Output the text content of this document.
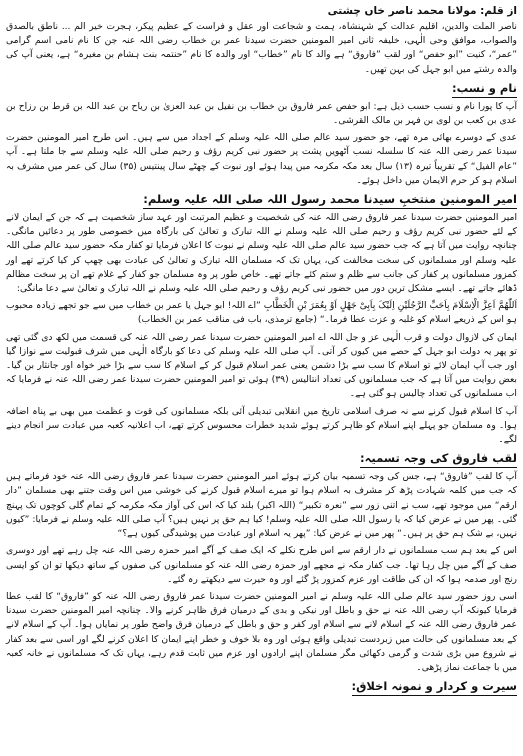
از قلم: مولانا محمد ناصر خاں چشتی

ناصر الملت والدین، اقلیم عدالت کے شہنشاہ، ہمت و شجاعت اور عقل و فراست کے عظیم پیکر، ہجرت خیر الم ... ناطق بالصدق والصواب، موافق وحی الٰہی، خلیفہ ثانی امیر المومنین حضرت سیدنا عمر بن خطاب رضی اللہ عنہ جن کا نام نامی اسم گرامی ”عمر“، کنیت ”ابو حفص“ اور لقب ”فاروق“ ہے والد کا نام ”خطاب“ اور والدہ کا نام ”حنتمہ بنت ہشام بن مغیرہ“ ہے، یعنی آپ کی والدہ رشتے میں ابو جہل کی بہن تھیں۔

نام و نسب:

آپ کا پورا نام و نسب حسب ذیل ہے: ابو حفص عمر فاروق بن خطاب بن نفیل بن عبد العزیٰ بن ریاح بن عبد اللہ بن قرط بن رزاح بن عدی بن کعب بن لوی بن فہر بن مالک القرشی۔

عدی کے دوسرے بھائی مرہ تھے، جو حضور سید عالم صلی اللہ علیہ وسلم کے اجداد میں سے ہیں۔ اس طرح امیر المومنین حضرت سیدنا عمر رضی اللہ عنہ کا سلسلہ نسب آٹھویں پشت پر حضور نبی کریم رؤف و رحیم صلی اللہ علیہ وسلم سے جا ملتا ہے۔ آپ ”عام الفیل“ کے تقریباً تیرہ (۱۳) سال بعد مکہ مکرمہ میں پیدا ہوئے اور نبوت کے چھٹے سال پینتیس (۳۵) سال کی عمر میں مشرف بہ اسلام ہو کر حرم الایمان میں داخل ہوئے۔

امیر المومنین منتخبِ سیدنا محمد رسول اللہ صلی اللہ علیہ وسلم:

امیر المومنین حضرت سیدنا عمر فاروق رضی اللہ عنہ کی شخصیت و عظیم المرتبت اور عہد ساز شخصیت ہے کہ جن کے ایمان لانے کے لئے حضور نبی کریم رؤف و رحیم صلی اللہ علیہ وسلم نے اللہ تبارک و تعالیٰ کی بارگاہ میں خصوصی طور پر دعائیں مانگی۔ چنانچہ روایت میں آتا ہے کہ جب حضور سید عالم صلی اللہ علیہ وسلم نے نبوت کا اعلان فرمایا تو کفار مکہ حضور سید عالم صلی اللہ علیہ وسلم اور مسلمانوں کی سخت مخالفت کی، یہاں تک کہ مسلمان اللہ تبارک و تعالیٰ کی عبادت بھی چھپ کر کیا کرتے تھے اور کمزور مسلمانوں پر کفار کی جانب سے ظلم و ستم کئے جاتے تھے۔ خاص طور پر وہ مسلمان جو کفار کے غلام تھے ان پر سخت مظالم ڈھائے جاتے تھے۔ ایسے مشکل ترین دور میں حضور نبی کریم رؤف و رحیم صلی اللہ علیہ وسلم نے اللہ تبارک و تعالیٰ سے دعا مانگی:

اَللّٰھُمَّ اَعِزَّ الْاِسْلَامَ بِاَحَبِّ الرَّجُلَیْنِ اِلَیْکَ بِاَبِیْ جَھْلٍ اَوْ بِعُمَرَ بْنِ الْخَطَّابِ ”اے اللہ! ابو جہل یا عمر بن خطاب میں سے جو تجھے زیادہ محبوب ہو اس کے ذریعے اسلام کو غلبہ و عزت عطا فرما۔“ (جامع ترمذی، باب فی مناقب عمر بن الخطاب)

ایمان کی لازوال دولت و قرب الٰہی عز و جل اللہ اے امیر المومنین حضرت سیدنا عمر رضی اللہ عنہ کی قسمت میں لکھ دی گئی تھی تو پھر یہ دولت ابو جہل کے حصے میں کیوں کر آتی۔ آپ صلی اللہ علیہ وسلم کی دعا کو بارگاہ الٰہی میں شرف قبولیت سے نوازا گیا اور جب آپ ایمان لائے تو اسلام کا سب سے بڑا دشمن یعنی عمر اسلام قبول کر کے اسلام کا سب سے بڑا خیر خواہ اور جانثار بن گیا۔ بعض روایت میں آتا ہے کہ جب مسلمانوں کی تعداد انتالیس (۳۹) ہوئی تو امیر المومنین حضرت سیدنا عمر رضی اللہ عنہ نے فرمایا کہ اب مسلمانوں کی تعداد چالیس ہو گئی ہے۔

آپ کا اسلام قبول کرنے سے نہ صرف اسلامی تاریخ میں انقلابی تبدیلی آئی بلکہ مسلمانوں کی قوت و عظمت میں بھی بے پناہ اضافہ ہوا۔ وہ مسلمان جو پہلے اپنے اسلام کو ظاہر کرتے ہوئے شدید خطرات محسوس کرتے تھے، اب اعلانیہ کعبہ میں عبادت سر انجام دینے لگے۔

لقب فاروق کی وجہ تسمیہ:

آپ کا لقب ”فاروق“ ہے، جس کی وجہ تسمیہ بیان کرتے ہوئے امیر المومنین حضرت سیدنا عمر فاروق رضی اللہ عنہ خود فرماتے ہیں کہ جب میں کلمہ شہادت پڑھ کر مشرف بہ اسلام ہوا تو میرے اسلام قبول کرنے کی خوشی میں اس وقت جتنے بھی مسلمان ”دار ارقم“ میں موجود تھے، سب نے اتنی زور سے ”نعرہ تکبیر“ (اللہ اکبر) بلند کیا کہ اس کی آواز مکہ مکرمہ کے تمام گلی کوچوں تک پہنچ گئی۔ پھر میں نے عرض کیا کہ یا رسول اللہ صلی اللہ علیہ وسلم! کیا ہم حق پر نہیں ہیں؟ آپ صلی اللہ علیہ وسلم نے فرمایا: ”کیوں نہیں، بے شک ہم حق پر ہیں۔“ پھر میں نے عرض کیا: ”پھر یہ اسلام اور عبادت میں پوشیدگی کیوں ہے؟“

اس کے بعد ہم سب مسلمانوں نے دار ارقم سے اس طرح نکلے کہ ایک صف کے آگے امیر حمزہ رضی اللہ عنہ چل رہے تھے اور دوسری صف کے آگے میں چل رہا تھا۔ جب کفار مکہ نے مجھے اور حمزہ رضی اللہ عنہ کو مسلمانوں کی صفوں کے ساتھ دیکھا تو ان کو ایسی رنج اور صدمہ ہوا کہ ان کی طاقت اور عزم کمزور پڑ گئے اور وہ حیرت سے دیکھتے رہ گئے۔

اسی روز حضور سید عالم صلی اللہ علیہ وسلم نے امیر المومنین حضرت سیدنا عمر فاروق رضی اللہ عنہ کو ”فاروق“ کا لقب عطا فرمایا کیونکہ آپ رضی اللہ عنہ نے حق و باطل اور نیکی و بدی کے درمیان فرق ظاہر کرنے والا۔ چنانچہ امیر المومنین حضرت سیدنا عمر فاروق رضی اللہ عنہ کے اسلام لانے سے اسلام اور کفر و حق و باطل کے درمیان فرق واضح طور پر نمایاں ہوا۔ آپ کے اسلام لانے کے بعد مسلمانوں کی حالت میں زبردست تبدیلی واقع ہوئی اور وہ بلا خوف و خطر اپنے ایمان کا اعلان کرنے لگے اور اسی سے بعد کفار نے شروع میں بڑی شدت و گرمی دکھائی مگر مسلمان اپنے ارادوں اور عزم میں ثابت قدم رہے، یہاں تک کہ مسلمانوں نے خانہ کعبہ میں با جماعت نماز پڑھی۔

سیرت و کردار و نمونہ اخلاق:
